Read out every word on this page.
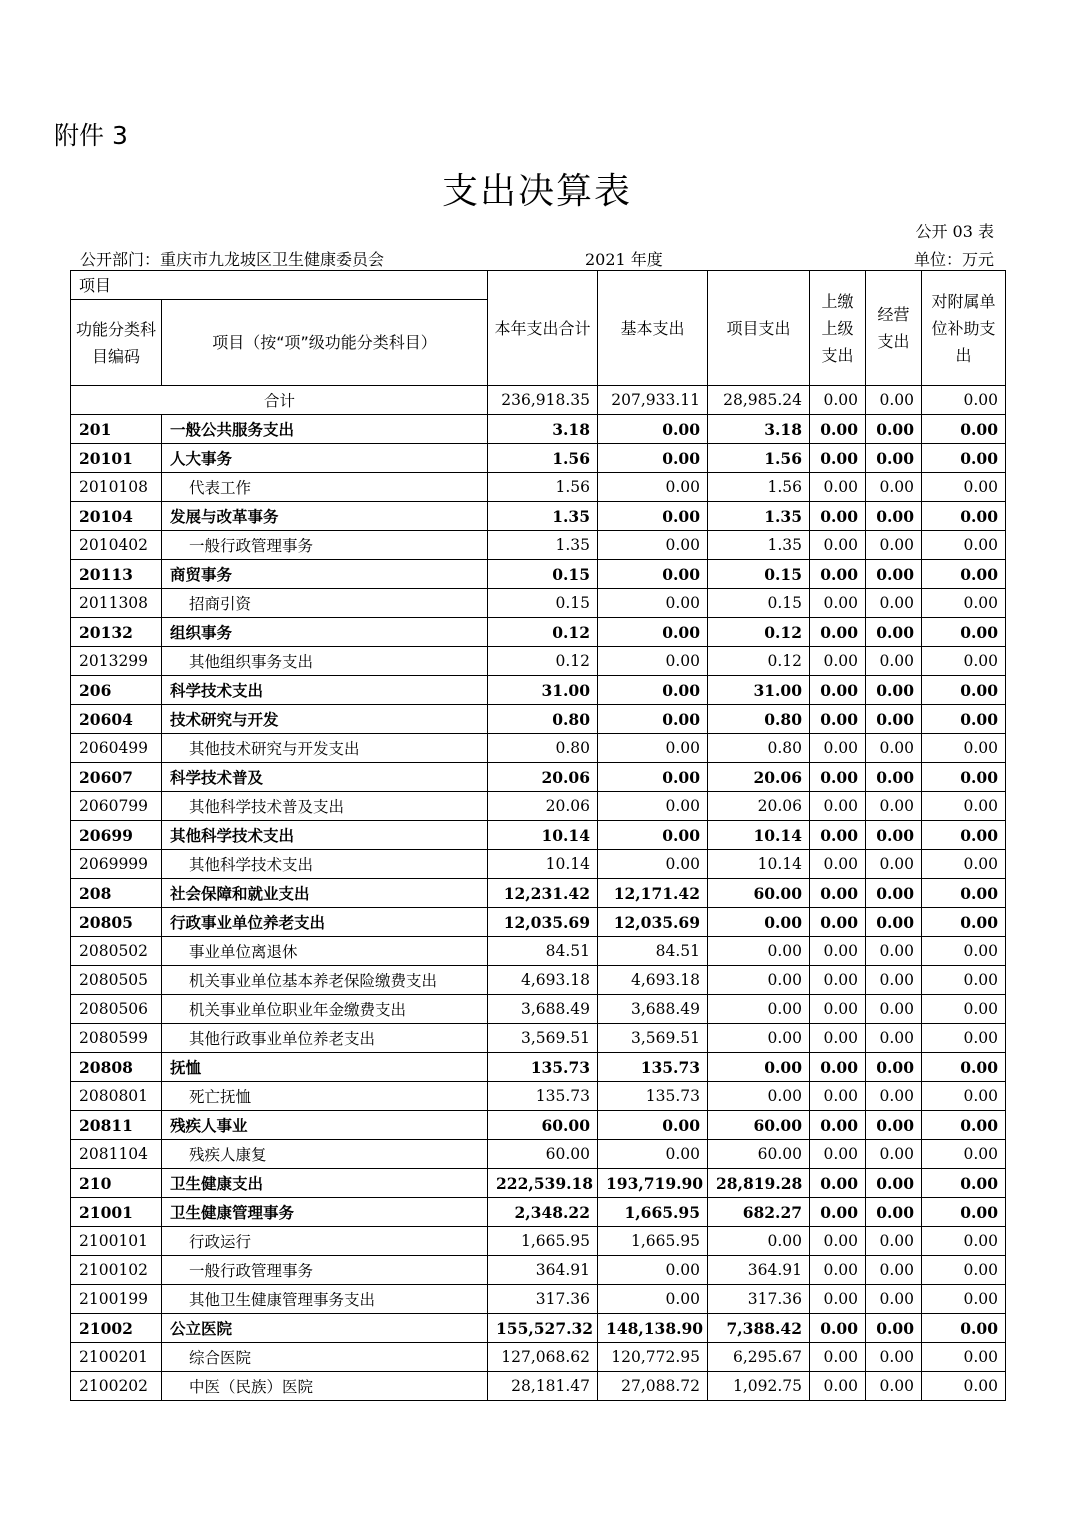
附件 3
支出决算表
公开 03 表
公开部门：重庆市九龙坡区卫生健康委员会	2021 年度	单位：万元
项目		本年支出合计	基本支出	项目支出	上缴上级支出	经营支出	对附属单位补助支出
功能分类科目编码	项目（按“项”级功能分类科目）						
合计		236,918.35	207,933.11	28,985.24	0.00	0.00	0.00
201	一般公共服务支出	3.18	0.00	3.18	0.00	0.00	0.00
20101	人大事务	1.56	0.00	1.56	0.00	0.00	0.00
2010108	代表工作	1.56	0.00	1.56	0.00	0.00	0.00
20104	发展与改革事务	1.35	0.00	1.35	0.00	0.00	0.00
2010402	一般行政管理事务	1.35	0.00	1.35	0.00	0.00	0.00
20113	商贸事务	0.15	0.00	0.15	0.00	0.00	0.00
2011308	招商引资	0.15	0.00	0.15	0.00	0.00	0.00
20132	组织事务	0.12	0.00	0.12	0.00	0.00	0.00
2013299	其他组织事务支出	0.12	0.00	0.12	0.00	0.00	0.00
206	科学技术支出	31.00	0.00	31.00	0.00	0.00	0.00
20604	技术研究与开发	0.80	0.00	0.80	0.00	0.00	0.00
2060499	其他技术研究与开发支出	0.80	0.00	0.80	0.00	0.00	0.00
20607	科学技术普及	20.06	0.00	20.06	0.00	0.00	0.00
2060799	其他科学技术普及支出	20.06	0.00	20.06	0.00	0.00	0.00
20699	其他科学技术支出	10.14	0.00	10.14	0.00	0.00	0.00
2069999	其他科学技术支出	10.14	0.00	10.14	0.00	0.00	0.00
208	社会保障和就业支出	12,231.42	12,171.42	60.00	0.00	0.00	0.00
20805	行政事业单位养老支出	12,035.69	12,035.69	0.00	0.00	0.00	0.00
2080502	事业单位离退休	84.51	84.51	0.00	0.00	0.00	0.00
2080505	机关事业单位基本养老保险缴费支出	4,693.18	4,693.18	0.00	0.00	0.00	0.00
2080506	机关事业单位职业年金缴费支出	3,688.49	3,688.49	0.00	0.00	0.00	0.00
2080599	其他行政事业单位养老支出	3,569.51	3,569.51	0.00	0.00	0.00	0.00
20808	抚恤	135.73	135.73	0.00	0.00	0.00	0.00
2080801	死亡抚恤	135.73	135.73	0.00	0.00	0.00	0.00
20811	残疾人事业	60.00	0.00	60.00	0.00	0.00	0.00
2081104	残疾人康复	60.00	0.00	60.00	0.00	0.00	0.00
210	卫生健康支出	222,539.18	193,719.90	28,819.28	0.00	0.00	0.00
21001	卫生健康管理事务	2,348.22	1,665.95	682.27	0.00	0.00	0.00
2100101	行政运行	1,665.95	1,665.95	0.00	0.00	0.00	0.00
2100102	一般行政管理事务	364.91	0.00	364.91	0.00	0.00	0.00
2100199	其他卫生健康管理事务支出	317.36	0.00	317.36	0.00	0.00	0.00
21002	公立医院	155,527.32	148,138.90	7,388.42	0.00	0.00	0.00
2100201	综合医院	127,068.62	120,772.95	6,295.67	0.00	0.00	0.00
2100202	中医（民族）医院	28,181.47	27,088.72	1,092.75	0.00	0.00	0.00
